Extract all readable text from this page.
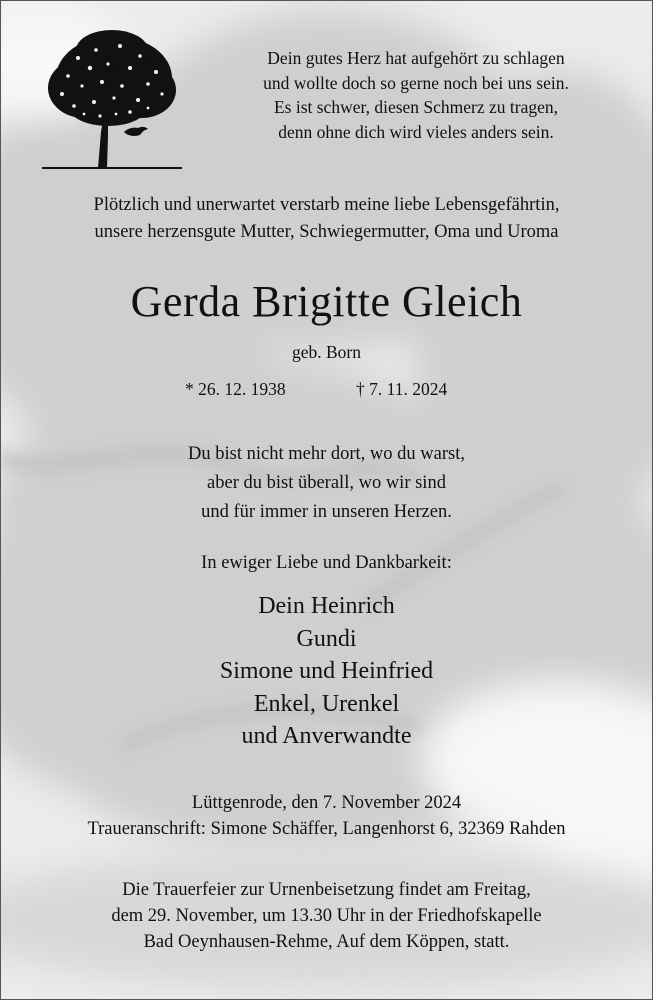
Dein gutes Herz hat aufgehört zu schlagen
und wollte doch so gerne noch bei uns sein.
Es ist schwer, diesen Schmerz zu tragen,
denn ohne dich wird vieles anders sein.
Plötzlich und unerwartet verstarb meine liebe Lebensgefährtin,
unsere herzensgute Mutter, Schwiegermutter, Oma und Uroma
Gerda Brigitte Gleich
geb. Born
* 26. 12. 1938	† 7. 11. 2024
Du bist nicht mehr dort, wo du warst,
aber du bist überall, wo wir sind
und für immer in unseren Herzen.
In ewiger Liebe und Dankbarkeit:
Dein Heinrich
Gundi
Simone und Heinfried
Enkel, Urenkel
und Anverwandte
Lüttgenrode, den 7. November 2024
Traueranschrift: Simone Schäffer, Langenhorst 6, 32369 Rahden
Die Trauerfeier zur Urnenbeisetzung findet am Freitag,
dem 29. November, um 13.30 Uhr in der Friedhofskapelle
Bad Oeynhausen-Rehme, Auf dem Köppen, statt.
